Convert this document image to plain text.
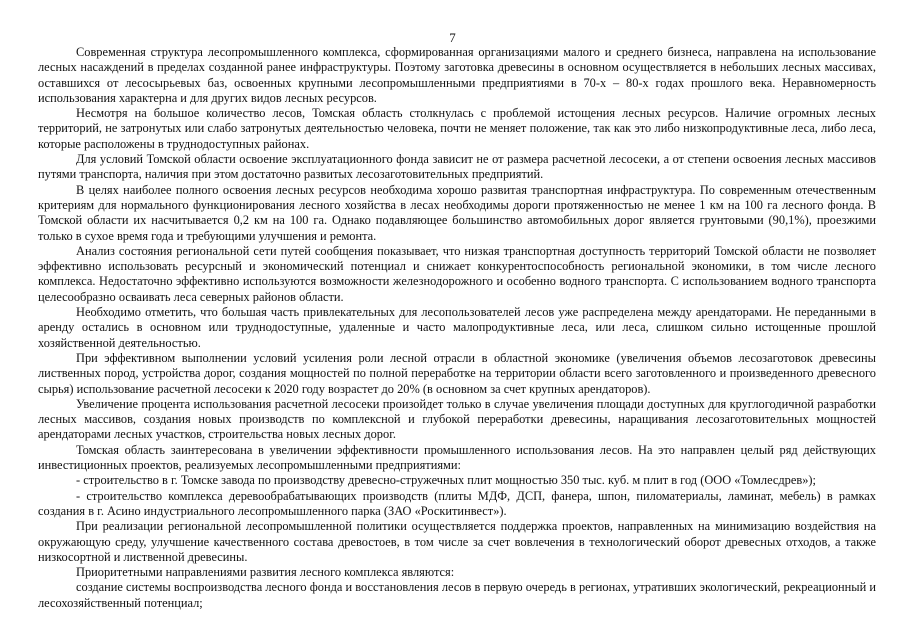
7

Современная структура лесопромышленного комплекса, сформированная организациями малого и среднего бизнеса, направлена на использование лесных насаждений в пределах созданной ранее инфраструктуры. Поэтому заготовка древесины в основном осуществляется в небольших лесных массивах, оставшихся от лесосырьевых баз, освоенных крупными лесопромышленными предприятиями в 70-х – 80-х годах прошлого века. Неравномерность использования характерна и для других видов лесных ресурсов.

Несмотря на большое количество лесов, Томская область столкнулась с проблемой истощения лесных ресурсов. Наличие огромных лесных территорий, не затронутых или слабо затронутых деятельностью человека, почти не меняет положение, так как это либо низкопродуктивные леса, либо леса, которые расположены в труднодоступных районах.

Для условий Томской области освоение эксплуатационного фонда зависит не от размера расчетной лесосеки, а от степени освоения лесных массивов путями транспорта, наличия при этом достаточно развитых лесозаготовительных предприятий.

В целях наиболее полного освоения лесных ресурсов необходима хорошо развитая транспортная инфраструктура. По современным отечественным критериям для нормального функционирования лесного хозяйства в лесах необходимы дороги протяженностью не менее 1 км на 100 га лесного фонда. В Томской области их насчитывается 0,2 км на 100 га. Однако подавляющее большинство автомобильных дорог является грунтовыми (90,1%), проезжими только в сухое время года и требующими улучшения и ремонта.

Анализ состояния региональной сети путей сообщения показывает, что низкая транспортная доступность территорий Томской области не позволяет эффективно использовать ресурсный и экономический потенциал и снижает конкурентоспособность региональной экономики, в том числе лесного комплекса. Недостаточно эффективно используются возможности железнодорожного и особенно водного транспорта. С использованием водного транспорта целесообразно осваивать леса северных районов области.

Необходимо отметить, что большая часть привлекательных для лесопользователей лесов уже распределена между арендаторами. Не переданными в аренду остались в основном или труднодоступные, удаленные и часто малопродуктивные леса, или леса, слишком сильно истощенные прошлой хозяйственной деятельностью.

При эффективном выполнении условий усиления роли лесной отрасли в областной экономике (увеличения объемов лесозаготовок древесины лиственных пород, устройства дорог, создания мощностей по полной переработке на территории области всего заготовленного и произведенного древесного сырья) использование расчетной лесосеки к 2020 году возрастет до 20% (в основном за счет крупных арендаторов).

Увеличение процента использования расчетной лесосеки произойдет только в случае увеличения площади доступных для круглогодичной разработки лесных массивов, создания новых производств по комплексной и глубокой переработки древесины, наращивания лесозаготовительных мощностей арендаторами лесных участков, строительства новых лесных дорог.

Томская область заинтересована в увеличении эффективности промышленного использования лесов. На это направлен целый ряд действующих инвестиционных проектов, реализуемых лесопромышленными предприятиями:

- строительство в г. Томске завода по производству древесно-стружечных плит мощностью 350 тыс. куб. м плит в год (ООО «Томлесдрев»);

- строительство комплекса деревообрабатывающих производств (плиты МДФ, ДСП, фанера, шпон, пиломатериалы, ламинат, мебель) в рамках создания в г. Асино индустриального лесопромышленного парка (ЗАО «Роскитинвест»).

При реализации региональной лесопромышленной политики осуществляется поддержка проектов, направленных на минимизацию воздействия на окружающую среду, улучшение качественного состава древостоев, в том числе за счет вовлечения в технологический оборот древесных отходов, а также низкосортной и лиственной древесины.

Приоритетными направлениями развития лесного комплекса являются:

создание системы воспроизводства лесного фонда и восстановления лесов в первую очередь в регионах, утративших экологический, рекреационный и лесохозяйственный потенциал;
